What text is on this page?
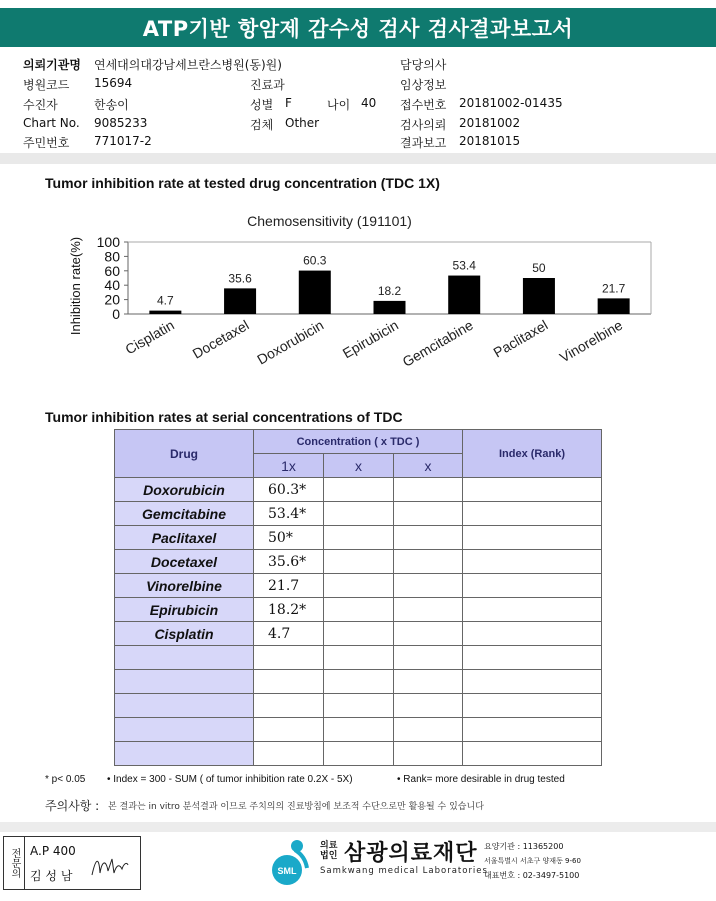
ATP기반 항암제 감수성 검사 검사결과보고서
의뢰기관명 연세대의대강남세브란스병원(동)원)	담당의사
병원코드 15694	진료과	임상정보
수진자	한송이	성별 F	나이 40 접수번호 20181002-01435
Chart No. 9085233	검체 Other	검사의뢰 20181002
주민번호 771017-2	결과보고 20181015
Tumor inhibition rate at tested drug concentration (TDC 1X)
Chemosensitivity (191101)
0
20
40
60
80
100
Inhibition rate(%)	4.7
Cisplatin
35.6
Docetaxel
60.3
Doxorubicin
18.2
Epirubicin
53.4
Gemcitabine
50
Paclitaxel
21.7
Vinorelbine
Tumor inhibition rates at serial concentrations of TDC
Drug	Concentration ( x TDC )			Index (Rank)
	1x	x	x	
Doxorubicin	60.3*			
Gemcitabine	53.4*			
Paclitaxel	50*			
Docetaxel	35.6*			
Vinorelbine	21.7			
Epirubicin	18.2*			
Cisplatin	4.7			

* p< 0.05 • Index = 300 - SUM ( of tumor inhibition rate 0.2X - 5X)	• Rank= more desirable in drug tested
주의사항 : 본 결과는 in vitro 분석결과 이므로 주치의의 진료방침에 보조적 수단으로만 활용될 수 있습니다
전문의 A.P 400
김 성 남	SML
의료 법인 삼광의료재단
Samkwang medical Laboratories
요양기관 : 11365200
서울특별시 서초구 양재동 9-60
대표번호 : 02-3497-5100
